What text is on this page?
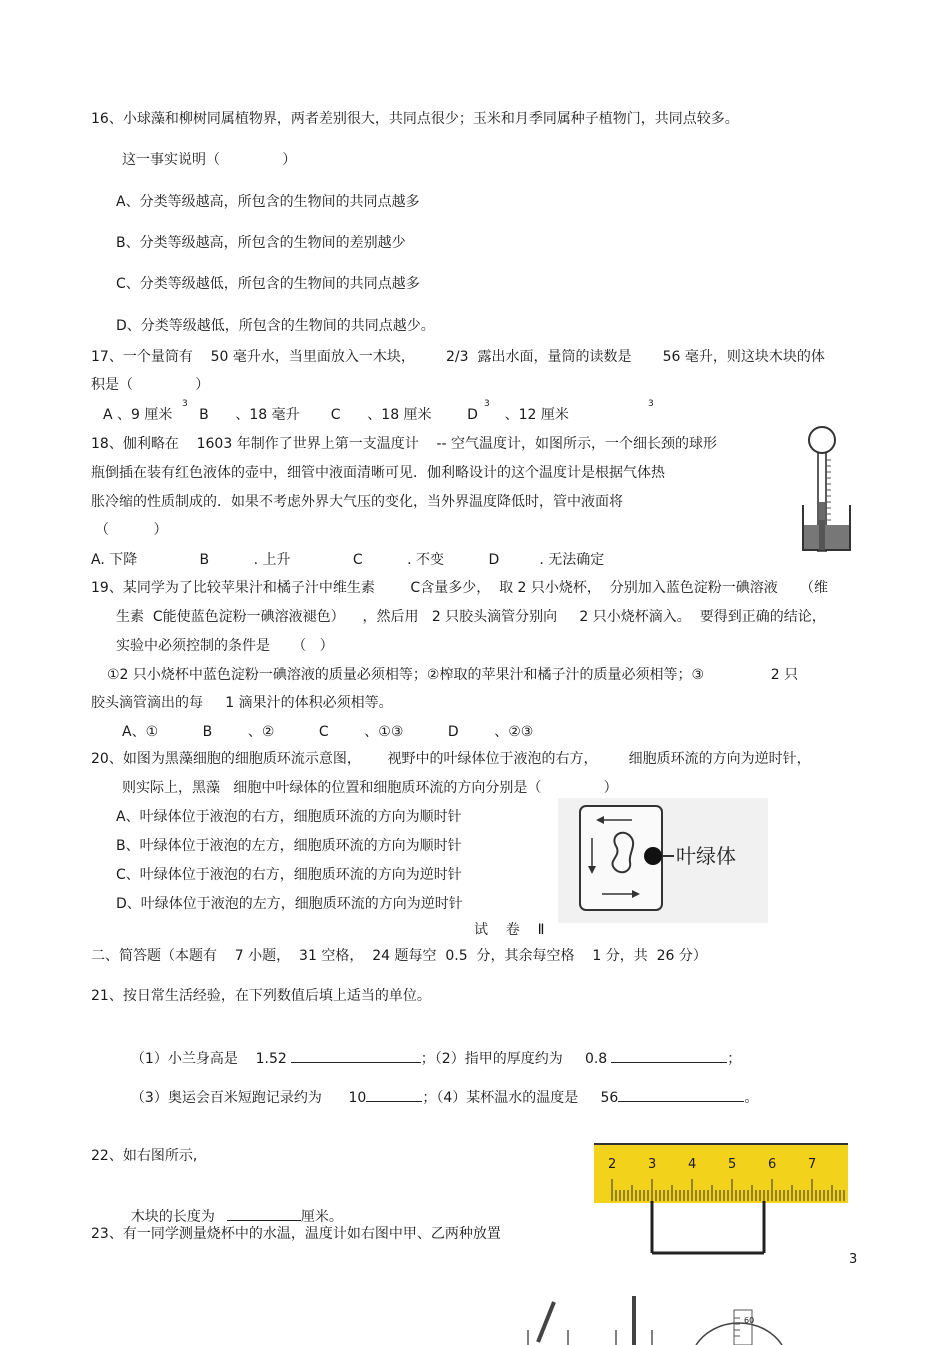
16、小球藻和柳树同属植物界，两者差别很大，共同点很少；玉米和月季同属种子植物门，共同点较多。
这一事实说明（              ）
A、分类等级越高，所包含的生物间的共同点越多
B、分类等级越高，所包含的生物间的差别越少
C、分类等级越低，所包含的生物间的共同点越多
D、分类等级越低，所包含的生物间的共同点越少。
17、一个量筒有    50 毫升水，当里面放入一木块，       2/3  露出水面，量筒的读数是       56 毫升，则这块木块的体
积是（              ）
A 、9 厘米      B      、18 毫升       C      、18 厘米        D      、12 厘米
3	3	3
18、伽利略在    1603 年制作了世界上第一支温度计    -- 空气温度计，如图所示，一个细长颈的球形
瓶倒插在装有红色液体的壶中，细管中液面清晰可见．伽利略设计的这个温度计是根据气体热
胀冷缩的性质制成的．如果不考虑外界大气压的变化，当外界温度降低时，管中液面将
（          ）
A. 下降              B          . 上升              C          . 不变          D         . 无法确定
19、某同学为了比较苹果汁和橘子汁中维生素        C含量多少，  取 2 只小烧杯，  分别加入蓝色淀粉一碘溶液     （维
生素  C能使蓝色淀粉一碘溶液褪色）    ，然后用   2 只胶头滴管分别向     2 只小烧杯滴入。  要得到正确的结论，
实验中必须控制的条件是     （   ）
①2 只小烧杯中蓝色淀粉一碘溶液的质量必须相等；②榨取的苹果汁和橘子汁的质量必须相等；③               2 只
胶头滴管滴出的每     1 滴果汁的体积必须相等。
A、①          B        、②          C        、①③          D        、②③
20、如图为黑藻细胞的细胞质环流示意图，      视野中的叶绿体位于液泡的右方，       细胞质环流的方向为逆时针，
则实际上，黑藻   细胞中叶绿体的位置和细胞质环流的方向分别是（              ）
A、叶绿体位于液泡的右方，细胞质环流的方向为顺时针
B、叶绿体位于液泡的左方，细胞质环流的方向为顺时针
C、叶绿体位于液泡的右方，细胞质环流的方向为逆时针
D、叶绿体位于液泡的左方，细胞质环流的方向为逆时针
叶绿体
试    卷    Ⅱ
二、简答题（本题有    7 小题，  31 空格，  24 题每空  0.5  分，其余每空格    1 分，共  26 分）
21、按日常生活经验，在下列数值后填上适当的单位。

（1）小兰身高是    1.52	；（2）指甲的厚度约为     0.8	；

（3）奥运会百米短跑记录约为      10	；（4）某杯温水的温度是     56	。

22、如右图所示,

木块的长度为	厘米。

2 3 4 5 6 7
23、有一同学测量烧杯中的水温，温度计如右图中甲、乙两种放置
3
60
